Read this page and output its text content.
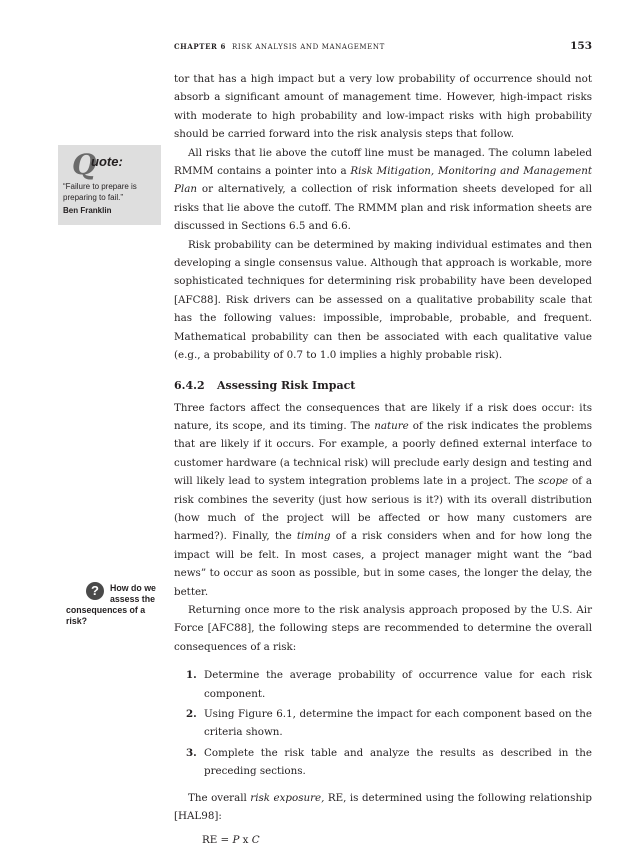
CHAPTER 6 RISK ANALYSIS AND MANAGEMENT	153
Q
uote:
“Failure to prepare is preparing to fail.”
Ben Franklin

tor that has a high impact but a very low probability of occurrence should not absorb a significant amount of management time. However, high-impact risks with moderate to high probability and low-impact risks with high probability should be carried forward into the risk analysis steps that follow.

All risks that lie above the cutoff line must be managed. The column labeled RMMM contains a pointer into a Risk Mitigation, Monitoring and Management Plan or alternatively, a collection of risk information sheets developed for all risks that lie above the cutoff. The RMMM plan and risk information sheets are discussed in Sections 6.5 and 6.6.

Risk probability can be determined by making individual estimates and then developing a single consensus value. Although that approach is workable, more sophisticated techniques for determining risk probability have been developed [AFC88]. Risk drivers can be assessed on a qualitative probability scale that has the following values: impossible, improbable, probable, and frequent. Mathematical probability can then be associated with each qualitative value (e.g., a probability of 0.7 to 1.0 implies a highly probable risk).

6.4.2 Assessing Risk Impact

Three factors affect the consequences that are likely if a risk does occur: its nature, its scope, and its timing. The nature of the risk indicates the problems that are likely if it occurs. For example, a poorly defined external interface to customer hardware (a technical risk) will preclude early design and testing and will likely lead to system integration problems late in a project. The scope of a risk combines the severity (just how serious is it?) with its overall distribution (how much of the project will be affected or how many customers are harmed?). Finally, the timing of a risk considers when and for how long the impact will be felt. In most cases, a project manager might want the “bad news” to occur as soon as possible, but in some cases, the longer the delay, the better.

Returning once more to the risk analysis approach proposed by the U.S. Air Force [AFC88], the following steps are recommended to determine the overall consequences of a risk:

1. Determine the average probability of occurrence value for each risk component.
2. Using Figure 6.1, determine the impact for each component based on the criteria shown.
3. Complete the risk table and analyze the results as described in the preceding sections.

The overall risk exposure, RE, is determined using the following relationship [HAL98]:

RE = P x C

?	How do we
assess the
consequences of a
risk?
